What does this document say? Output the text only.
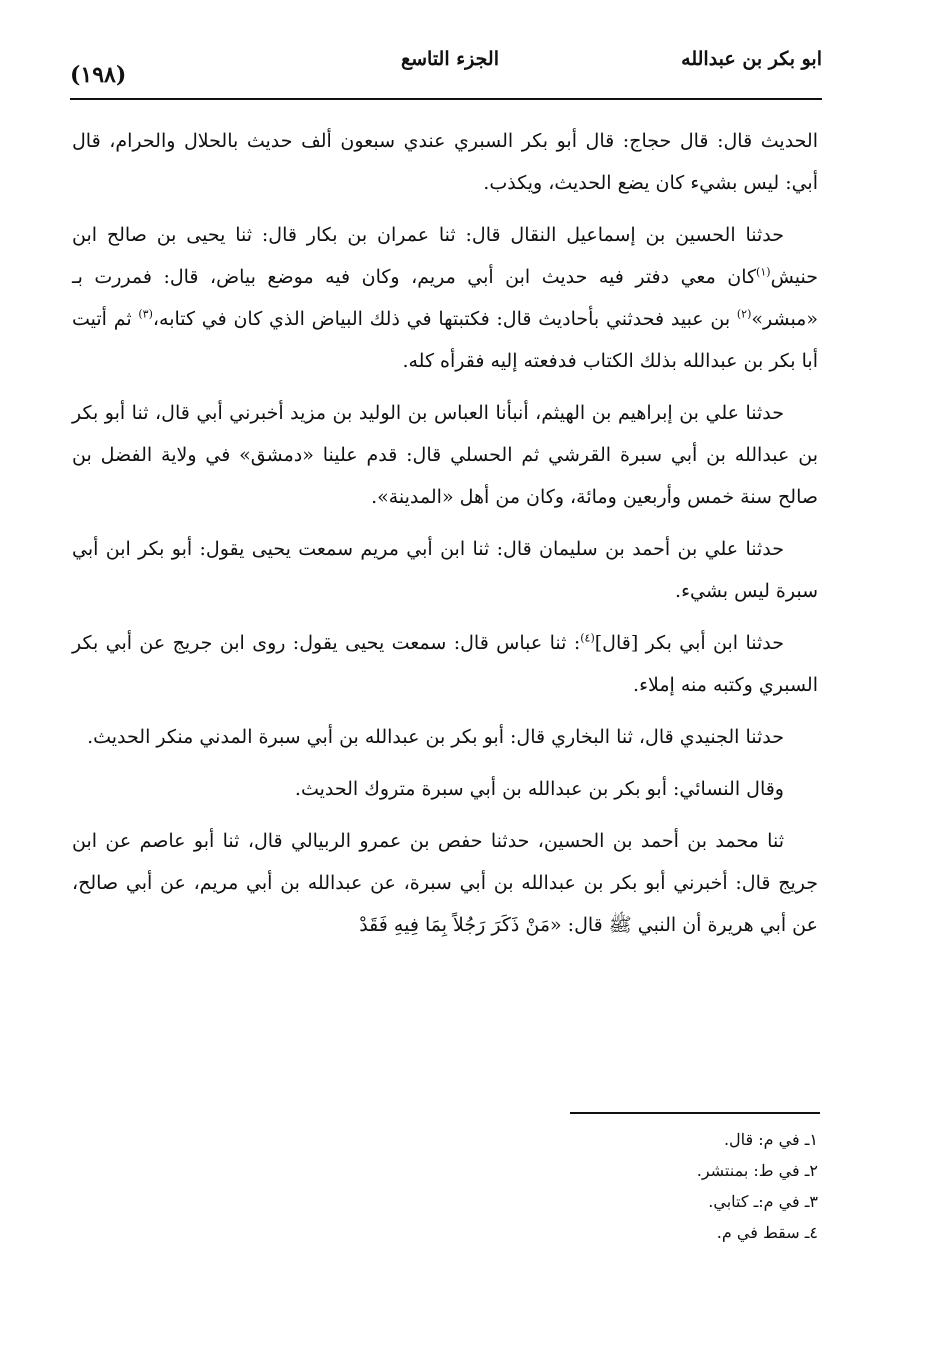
(١٩٨)
الجزء التاسع	ابو بكر بن عبدالله

الحديث قال: قال حجاج: قال أبو بكر السبري عندي سبعون ألف حديث بالحلال والحرام، قال أبي: ليس بشيء كان يضع الحديث، ويكذب.

حدثنا الحسين بن إسماعيل النقال قال: ثنا عمران بن بكار قال: ثنا يحيى بن صالح ابن حنيش$^{(١)}$كان معي دفتر فيه حديث ابن أبي مريم، وكان فيه موضع بياض، قال: فمررت بـ «مبشر»$^{(٢)}$ بن عبيد فحدثني بأحاديث قال: فكتبتها في ذلك البياض الذي كان في كتابه،$^{(٣)}$ ثم أتيت أبا بكر بن عبدالله بذلك الكتاب فدفعته إليه فقرأه كله.

حدثنا علي بن إبراهيم بن الهيثم، أنبأنا العباس بن الوليد بن مزيد أخبرني أبي قال، ثنا أبو بكر بن عبدالله بن أبي سبرة القرشي ثم الحسلي قال: قدم علينا «دمشق» في ولاية الفضل بن صالح سنة خمس وأربعين ومائة، وكان من أهل «المدينة».

حدثنا علي بن أحمد بن سليمان قال: ثنا ابن أبي مريم سمعت يحيى يقول: أبو بكر ابن أبي سبرة ليس بشيء.

حدثنا ابن أبي بكر [قال]$^{(٤)}$: ثنا عباس قال: سمعت يحيى يقول: روى ابن جريج عن أبي بكر السبري وكتبه منه إملاء.

حدثنا الجنيدي قال، ثنا البخاري قال: أبو بكر بن عبدالله بن أبي سبرة المدني منكر الحديث.

وقال النسائي: أبو بكر بن عبدالله بن أبي سبرة متروك الحديث.

ثنا محمد بن أحمد بن الحسين، حدثنا حفص بن عمرو الربيالي قال، ثنا أبو عاصم عن ابن جريج قال: أخبرني أبو بكر بن عبدالله بن أبي سبرة، عن عبدالله بن أبي مريم، عن أبي صالح، عن أبي هريرة أن النبي ﷺ قال: «مَنْ ذَكَرَ رَجُلاً بِمَا فِيهِ فَقَدْ

١ـ في م: قال.
٢ـ في ط: بمنتشر.
٣ـ في م:ـ كتابي.
٤ـ سقط في م.
